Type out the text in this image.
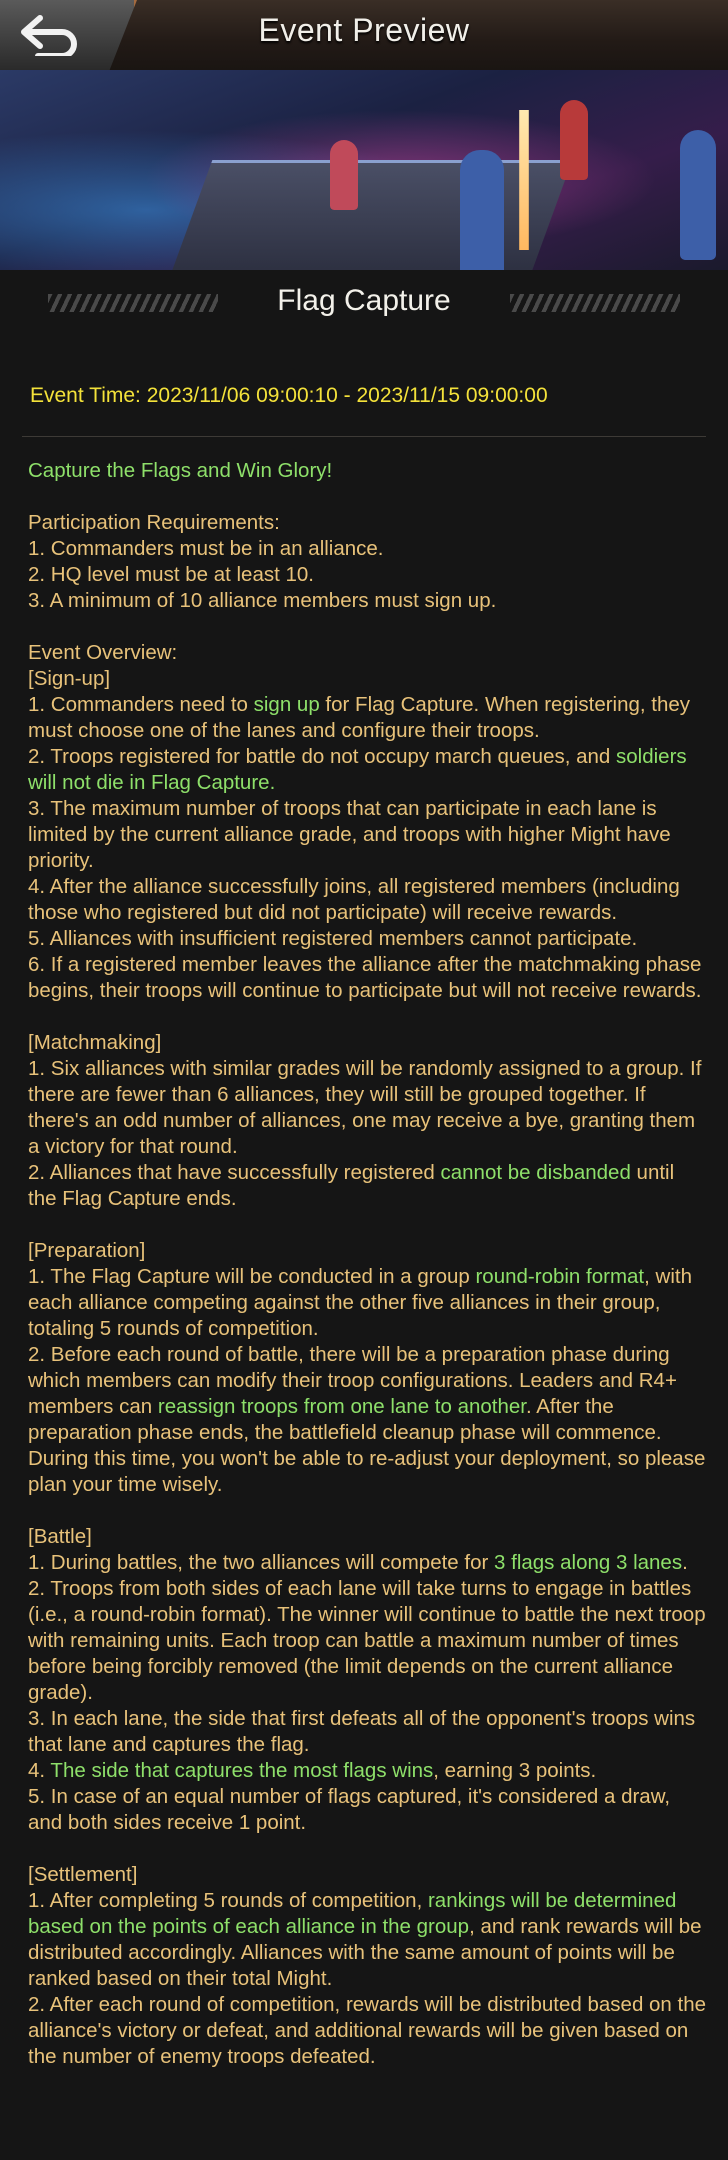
Event Preview
Flag Capture
Event Time: 2023/11/06 09:00:10 - 2023/11/15 09:00:00

Capture the Flags and Win Glory!

Participation Requirements:

1. Commanders must be in an alliance.

2. HQ level must be at least 10.

3. A minimum of 10 alliance members must sign up.

Event Overview:

[Sign-up]

1. Commanders need to sign up for Flag Capture. When registering, they must choose one of the lanes and configure their troops.

2. Troops registered for battle do not occupy march queues, and soldiers will not die in Flag Capture.

3. The maximum number of troops that can participate in each lane is limited by the current alliance grade, and troops with higher Might have priority.

4. After the alliance successfully joins, all registered members (including those who registered but did not participate) will receive rewards.

5. Alliances with insufficient registered members cannot participate.

6. If a registered member leaves the alliance after the matchmaking phase begins, their troops will continue to participate but will not receive rewards.

[Matchmaking]

1. Six alliances with similar grades will be randomly assigned to a group. If there are fewer than 6 alliances, they will still be grouped together. If there's an odd number of alliances, one may receive a bye, granting them a victory for that round.

2. Alliances that have successfully registered cannot be disbanded until the Flag Capture ends.

[Preparation]

1. The Flag Capture will be conducted in a group round-robin format, with each alliance competing against the other five alliances in their group, totaling 5 rounds of competition.

2. Before each round of battle, there will be a preparation phase during which members can modify their troop configurations. Leaders and R4+ members can reassign troops from one lane to another. After the preparation phase ends, the battlefield cleanup phase will commence. During this time, you won't be able to re-adjust your deployment, so please plan your time wisely.

[Battle]

1. During battles, the two alliances will compete for 3 flags along 3 lanes.

2. Troops from both sides of each lane will take turns to engage in battles (i.e., a round-robin format). The winner will continue to battle the next troop with remaining units. Each troop can battle a maximum number of times before being forcibly removed (the limit depends on the current alliance grade).

3. In each lane, the side that first defeats all of the opponent's troops wins that lane and captures the flag.

4. The side that captures the most flags wins, earning 3 points.

5. In case of an equal number of flags captured, it's considered a draw, and both sides receive 1 point.

[Settlement]

1. After completing 5 rounds of competition, rankings will be determined based on the points of each alliance in the group, and rank rewards will be distributed accordingly. Alliances with the same amount of points will be ranked based on their total Might.

2. After each round of competition, rewards will be distributed based on the alliance's victory or defeat, and additional rewards will be given based on the number of enemy troops defeated.
